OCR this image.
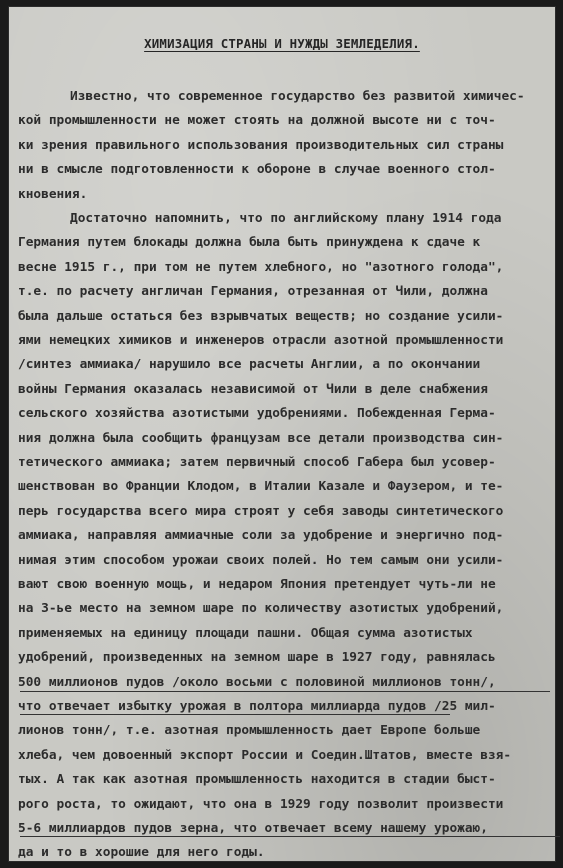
ХИМИЗАЦИЯ СТРАНЫ И НУЖДЫ ЗЕМЛЕДЕЛИЯ.
Известно, что современное государство без развитой химичес-
кой промышленности не может стоять на должной высоте ни с точ-
ки зрения правильного использования производительных сил страны
ни в смысле подготовленности к обороне в случае военного стол-
кновения.
Достаточно напомнить, что по английскому плану 1914 года
Германия путем блокады должна была быть принуждена к сдаче к
весне 1915 г., при том не путем хлебного, но "азотного голода",
т.е. по расчету англичан Германия, отрезанная от Чили, должна
была дальше остаться без взрывчатых веществ; но создание усили-
ями немецких химиков и инженеров отрасли азотной промышленности
/синтез аммиака/ нарушило все расчеты Англии, а по окончании
войны Германия оказалась независимой от Чили в деле снабжения
сельского хозяйства азотистыми удобрениями. Побежденная Герма-
ния должна была сообщить французам все детали производства син-
тетического аммиака; затем первичный способ Габера был усовер-
шенствован во Франции Клодом, в Италии Казале и Фаузером, и те-
перь государства всего мира строят у себя заводы синтетического
аммиака, направляя аммиачные соли за удобрение и энергично под-
нимая этим способом урожаи своих полей. Но тем самым они усили-
вают свою военную мощь, и недаром Япония претендует чуть-ли не
на 3-ье место на земном шаре по количеству азотистых удобрений,
применяемых на единицу площади пашни. Общая сумма азотистых
удобрений, произведенных на земном шаре в 1927 году, равнялась
500 миллионов пудов /около восьми с половиной миллионов тонн/,
что отвечает избытку урожая в полтора миллиарда пудов /25 мил-
лионов тонн/, т.е. азотная промышленность дает Европе больше
хлеба, чем довоенный экспорт России и Соедин.Штатов, вместе взя-
тых. А так как азотная промышленность находится в стадии быст-
рого роста, то ожидают, что она в 1929 году позволит произвести
5-6 миллиардов пудов зерна, что отвечает всему нашему урожаю,
да и то в хорошие для него годы.
